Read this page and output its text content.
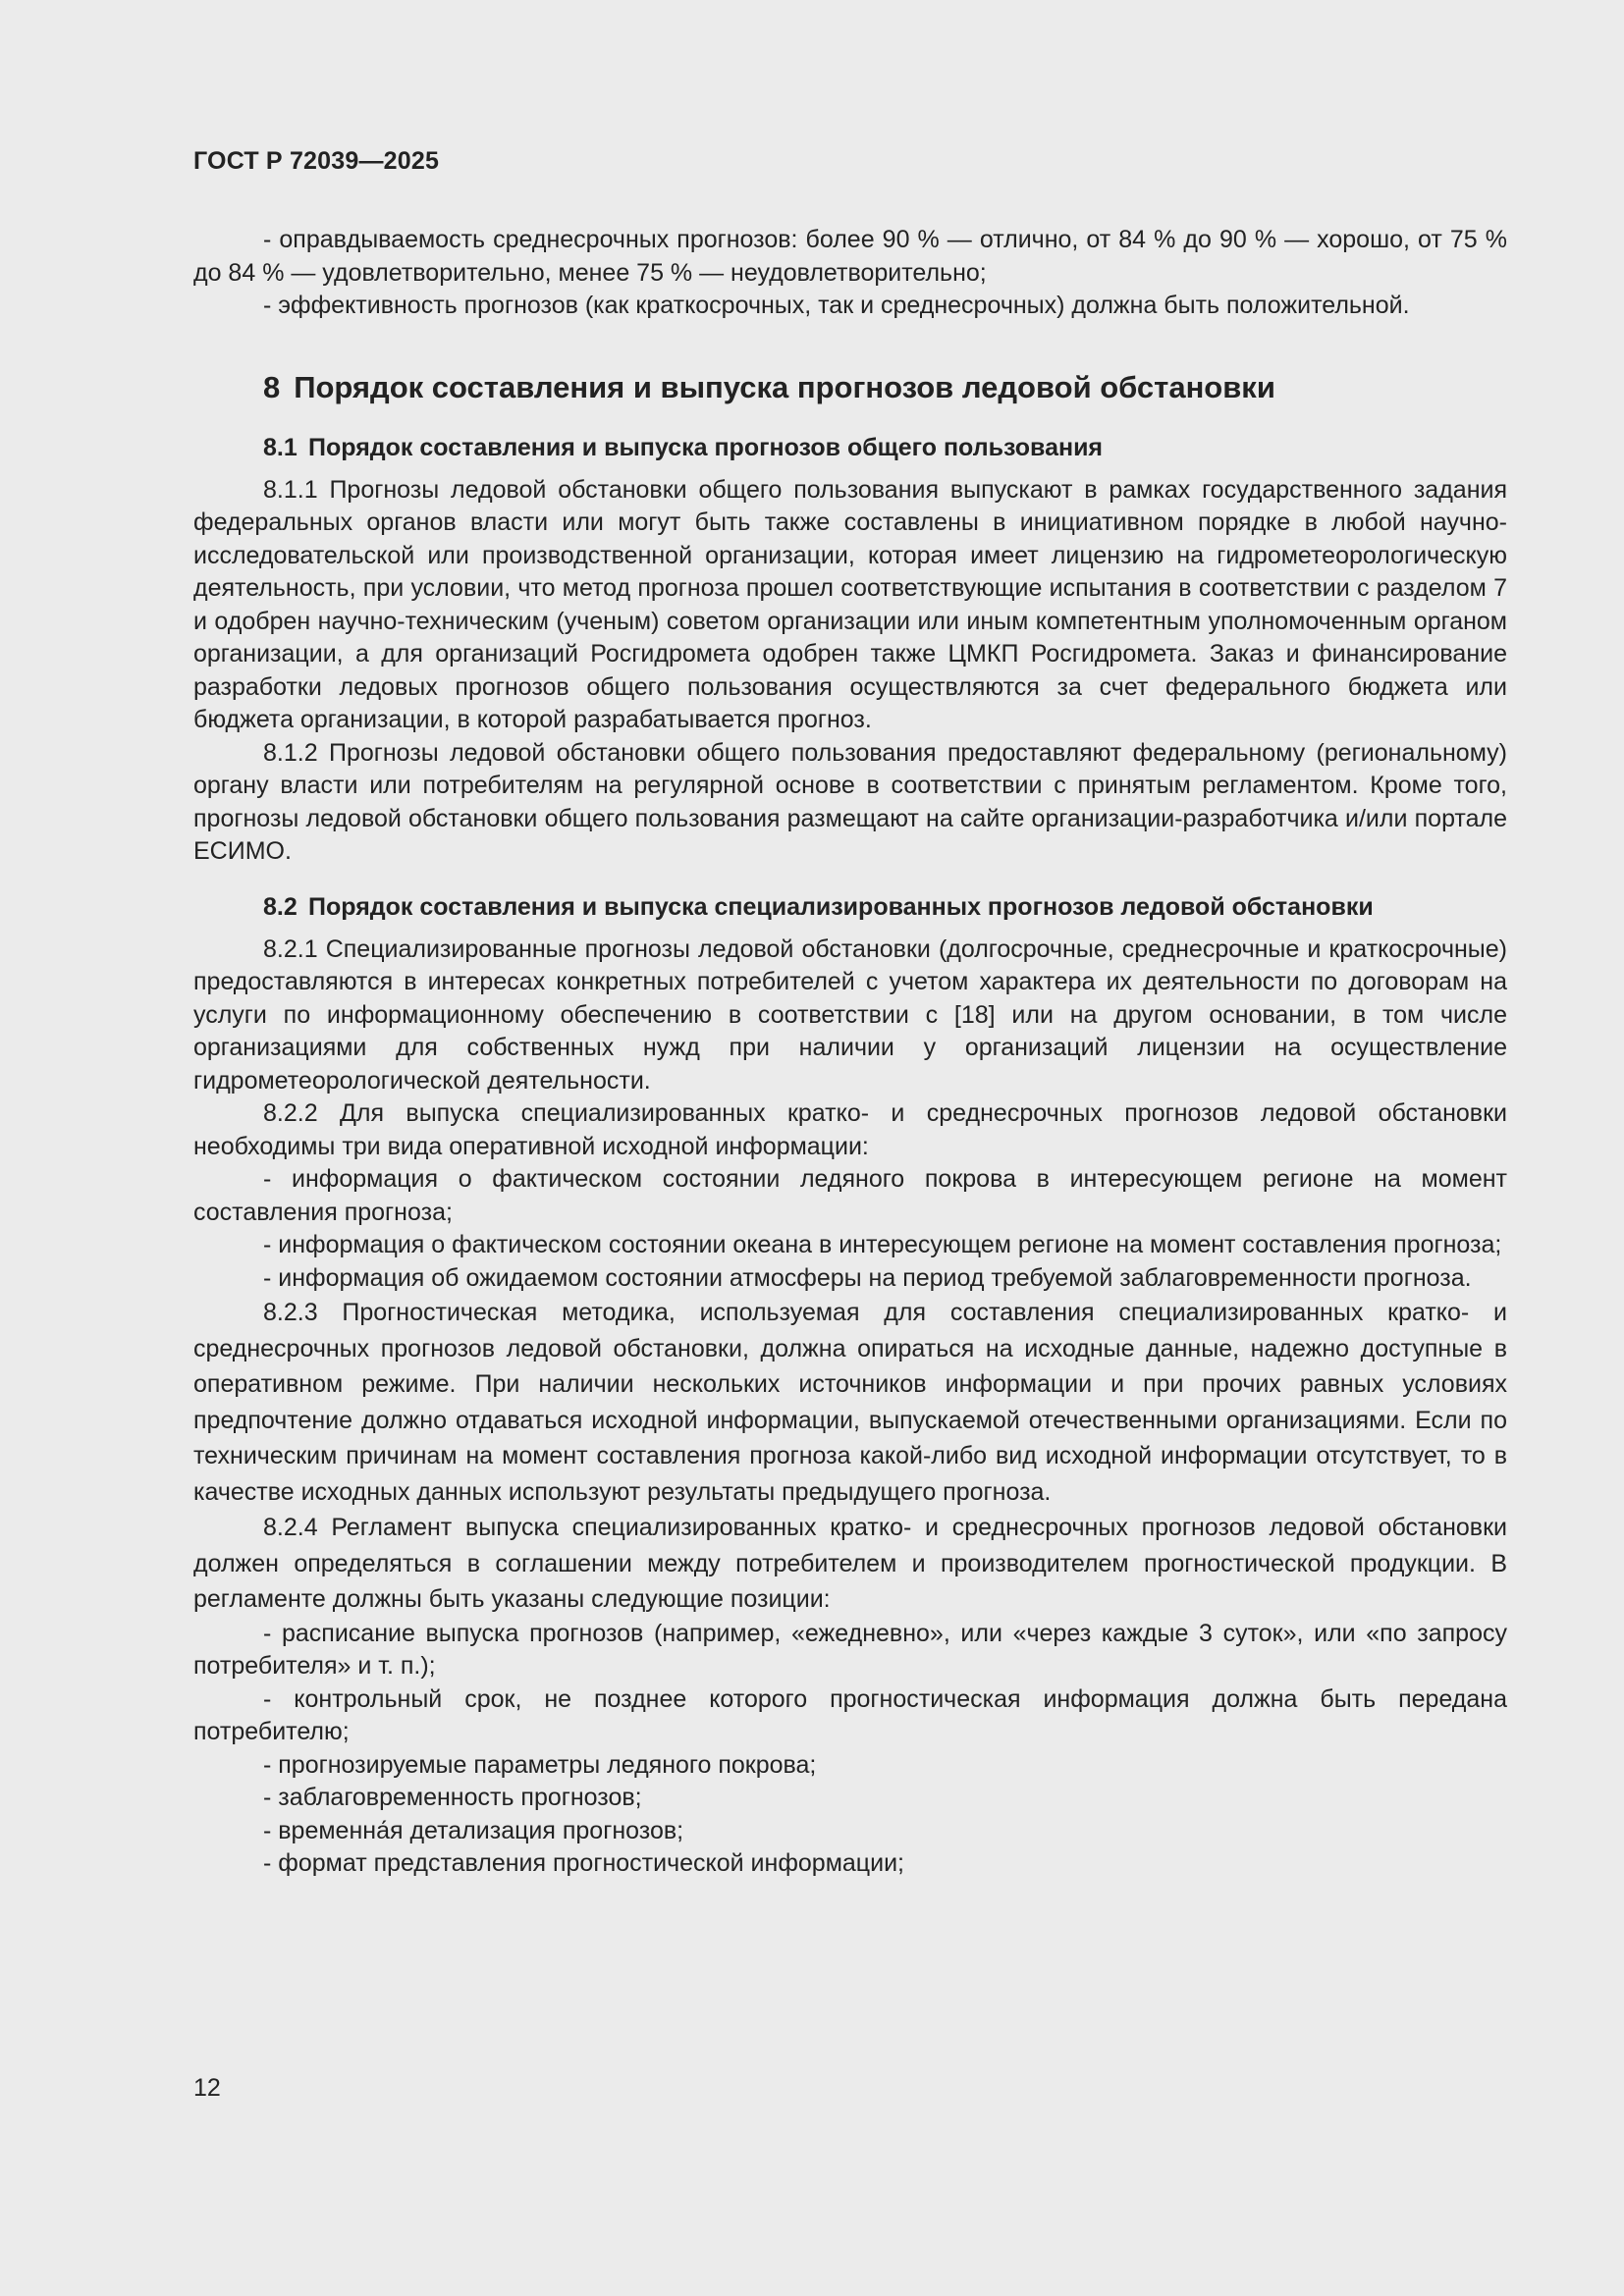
ГОСТ Р 72039—2025

- оправдываемость среднесрочных прогнозов: более 90 % — отлично, от 84 % до 90 % — хорошо, от 75 % до 84 % — удовлетворительно, менее 75 % — неудовлетворительно;

- эффективность прогнозов (как краткосрочных, так и среднесрочных) должна быть положительной.

8 Порядок составления и выпуска прогнозов ледовой обстановки
8.1 Порядок составления и выпуска прогнозов общего пользования

8.1.1 Прогнозы ледовой обстановки общего пользования выпускают в рамках государственного задания федеральных органов власти или могут быть также составлены в инициативном порядке в любой научно-исследовательской или производственной организации, которая имеет лицензию на гидрометеорологическую деятельность, при условии, что метод прогноза прошел соответствующие испытания в соответствии с разделом 7 и одобрен научно-техническим (ученым) советом организации или иным компетентным уполномоченным органом организации, а для организаций Росгидромета одобрен также ЦМКП Росгидромета. Заказ и финансирование разработки ледовых прогнозов общего пользования осуществляются за счет федерального бюджета или бюджета организации, в которой разрабатывается прогноз.

8.1.2 Прогнозы ледовой обстановки общего пользования предоставляют федеральному (региональному) органу власти или потребителям на регулярной основе в соответствии с принятым регламентом. Кроме того, прогнозы ледовой обстановки общего пользования размещают на сайте организации-разработчика и/или портале ЕСИМО.

8.2 Порядок составления и выпуска специализированных прогнозов ледовой обстановки

8.2.1 Специализированные прогнозы ледовой обстановки (долгосрочные, среднесрочные и краткосрочные) предоставляются в интересах конкретных потребителей с учетом характера их деятельности по договорам на услуги по информационному обеспечению в соответствии с [18] или на другом основании, в том числе организациями для собственных нужд при наличии у организаций лицензии на осуществление гидрометеорологической деятельности.

8.2.2 Для выпуска специализированных кратко- и среднесрочных прогнозов ледовой обстановки необходимы три вида оперативной исходной информации:

- информация о фактическом состоянии ледяного покрова в интересующем регионе на момент составления прогноза;

- информация о фактическом состоянии океана в интересующем регионе на момент составления прогноза;

- информация об ожидаемом состоянии атмосферы на период требуемой заблаговременности прогноза.

8.2.3 Прогностическая методика, используемая для составления специализированных кратко- и среднесрочных прогнозов ледовой обстановки, должна опираться на исходные данные, надежно доступные в оперативном режиме. При наличии нескольких источников информации и при прочих равных условиях предпочтение должно отдаваться исходной информации, выпускаемой отечественными организациями. Если по техническим причинам на момент составления прогноза какой-либо вид исходной информации отсутствует, то в качестве исходных данных используют результаты предыдущего прогноза.

8.2.4 Регламент выпуска специализированных кратко- и среднесрочных прогнозов ледовой обстановки должен определяться в соглашении между потребителем и производителем прогностической продукции. В регламенте должны быть указаны следующие позиции:

- расписание выпуска прогнозов (например, «ежедневно», или «через каждые 3 суток», или «по запросу потребителя» и т. п.);

- контрольный срок, не позднее которого прогностическая информация должна быть передана потребителю;

- прогнозируемые параметры ледяного покрова;

- заблаговременность прогнозов;

- временна́я детализация прогнозов;

- формат представления прогностической информации;

12
